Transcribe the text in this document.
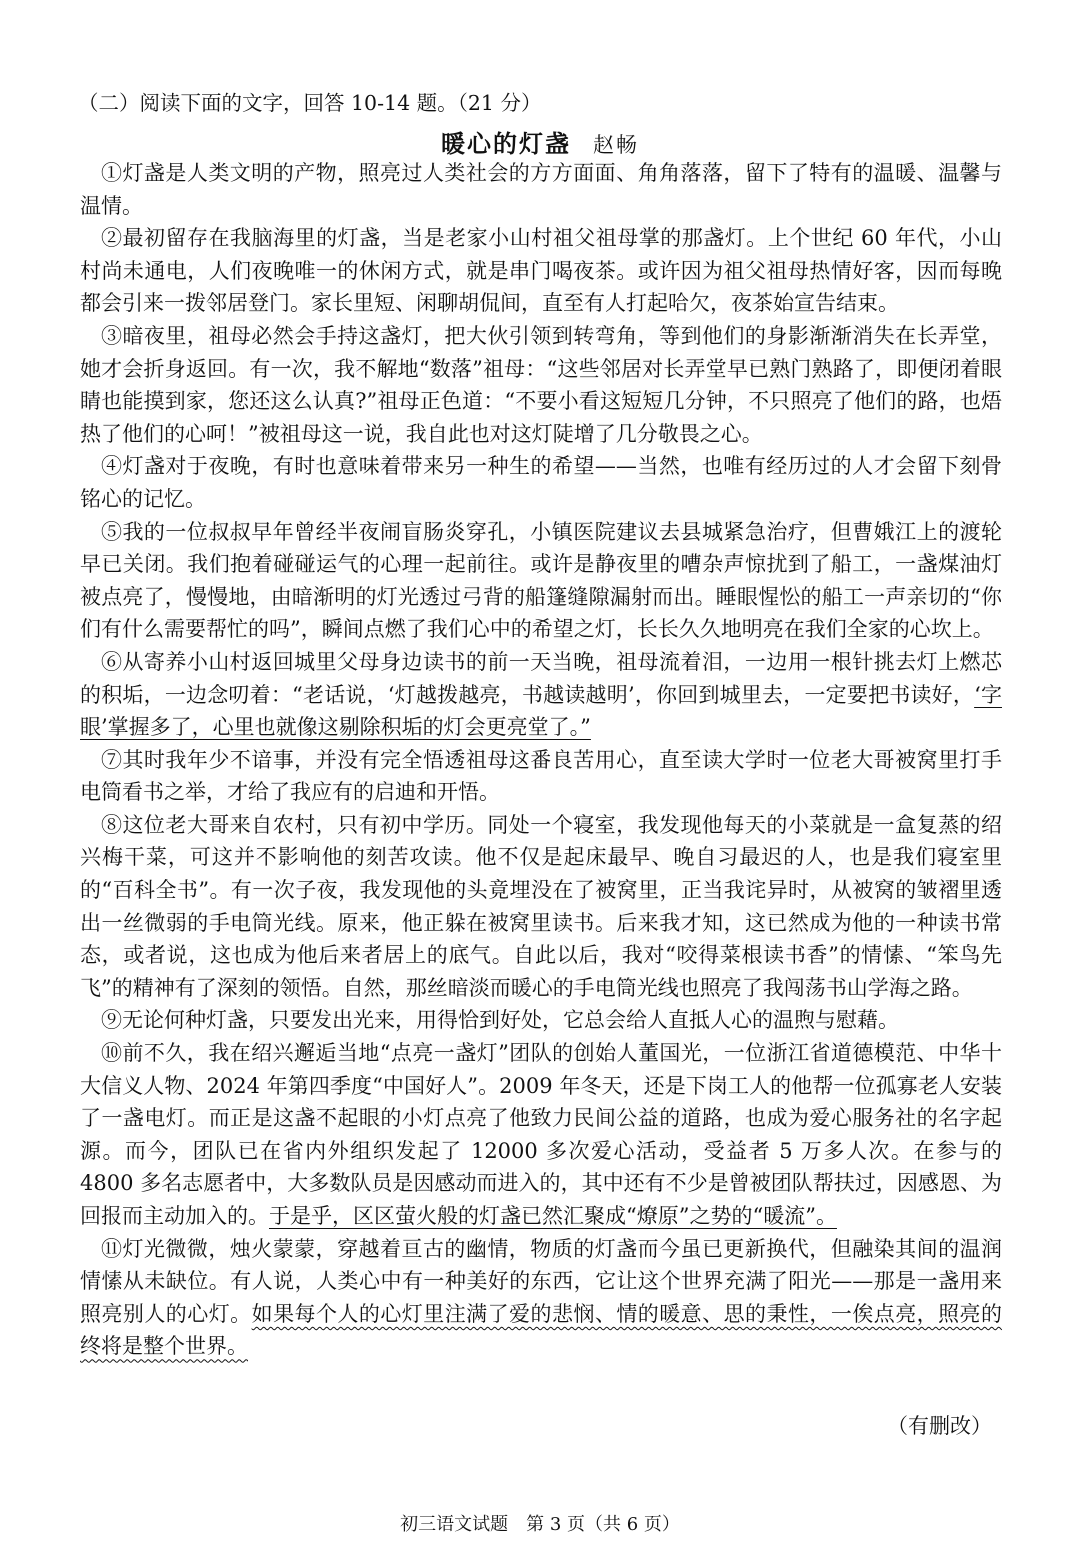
（二）阅读下面的文字，回答 10-14 题。（21 分）
暖心的灯盏 赵畅

①灯盏是人类文明的产物，照亮过人类社会的方方面面、角角落落，留下了特有的温暖、温馨与温情。

②最初留存在我脑海里的灯盏，当是老家小山村祖父祖母掌的那盏灯。上个世纪 60 年代，小山村尚未通电，人们夜晚唯一的休闲方式，就是串门喝夜茶。或许因为祖父祖母热情好客，因而每晚都会引来一拨邻居登门。家长里短、闲聊胡侃间，直至有人打起哈欠，夜茶始宣告结束。

③暗夜里，祖母必然会手持这盏灯，把大伙引领到转弯角，等到他们的身影渐渐消失在长弄堂，她才会折身返回。有一次，我不解地“数落”祖母：“这些邻居对长弄堂早已熟门熟路了，即便闭着眼睛也能摸到家，您还这么认真?”祖母正色道：“不要小看这短短几分钟，不只照亮了他们的路，也焐热了他们的心呵！”被祖母这一说，我自此也对这灯陡增了几分敬畏之心。

④灯盏对于夜晚，有时也意味着带来另一种生的希望——当然，也唯有经历过的人才会留下刻骨铭心的记忆。

⑤我的一位叔叔早年曾经半夜闹盲肠炎穿孔，小镇医院建议去县城紧急治疗，但曹娥江上的渡轮早已关闭。我们抱着碰碰运气的心理一起前往。或许是静夜里的嘈杂声惊扰到了船工，一盏煤油灯被点亮了，慢慢地，由暗渐明的灯光透过弓背的船篷缝隙漏射而出。睡眼惺忪的船工一声亲切的“你们有什么需要帮忙的吗”，瞬间点燃了我们心中的希望之灯，长长久久地明亮在我们全家的心坎上。

⑥从寄养小山村返回城里父母身边读书的前一天当晚，祖母流着泪，一边用一根针挑去灯上燃芯的积垢，一边念叨着：“老话说，‘灯越拨越亮，书越读越明’，你回到城里去，一定要把书读好，‘字眼’掌握多了，心里也就像这剔除积垢的灯会更亮堂了。”

⑦其时我年少不谙事，并没有完全悟透祖母这番良苦用心，直至读大学时一位老大哥被窝里打手电筒看书之举，才给了我应有的启迪和开悟。

⑧这位老大哥来自农村，只有初中学历。同处一个寝室，我发现他每天的小菜就是一盒复蒸的绍兴梅干菜，可这并不影响他的刻苦攻读。他不仅是起床最早、晚自习最迟的人，也是我们寝室里的“百科全书”。有一次子夜，我发现他的头竟埋没在了被窝里，正当我诧异时，从被窝的皱褶里透出一丝微弱的手电筒光线。原来，他正躲在被窝里读书。后来我才知，这已然成为他的一种读书常态，或者说，这也成为他后来者居上的底气。自此以后，我对“咬得菜根读书香”的情愫、“笨鸟先飞”的精神有了深刻的领悟。自然，那丝暗淡而暖心的手电筒光线也照亮了我闯荡书山学海之路。

⑨无论何种灯盏，只要发出光来，用得恰到好处，它总会给人直抵人心的温煦与慰藉。

⑩前不久，我在绍兴邂逅当地“点亮一盏灯”团队的创始人董国光，一位浙江省道德模范、中华十大信义人物、2024 年第四季度“中国好人”。2009 年冬天，还是下岗工人的他帮一位孤寡老人安装了一盏电灯。而正是这盏不起眼的小灯点亮了他致力民间公益的道路，也成为爱心服务社的名字起源。而今，团队已在省内外组织发起了 12000 多次爱心活动，受益者 5 万多人次。在参与的 4800 多名志愿者中，大多数队员是因感动而进入的，其中还有不少是曾被团队帮扶过，因感恩、为回报而主动加入的。于是乎，区区萤火般的灯盏已然汇聚成“燎原”之势的“暖流”。

⑪灯光微微，烛火蒙蒙，穿越着亘古的幽情，物质的灯盏而今虽已更新换代，但融染其间的温润情愫从未缺位。有人说，人类心中有一种美好的东西，它让这个世界充满了阳光——那是一盏用来照亮别人的心灯。如果每个人的心灯里注满了爱的悲悯、情的暖意、思的秉性，一俟点亮，照亮的终将是整个世界。

（有删改）
初三语文试题　第 3 页（共 6 页）
